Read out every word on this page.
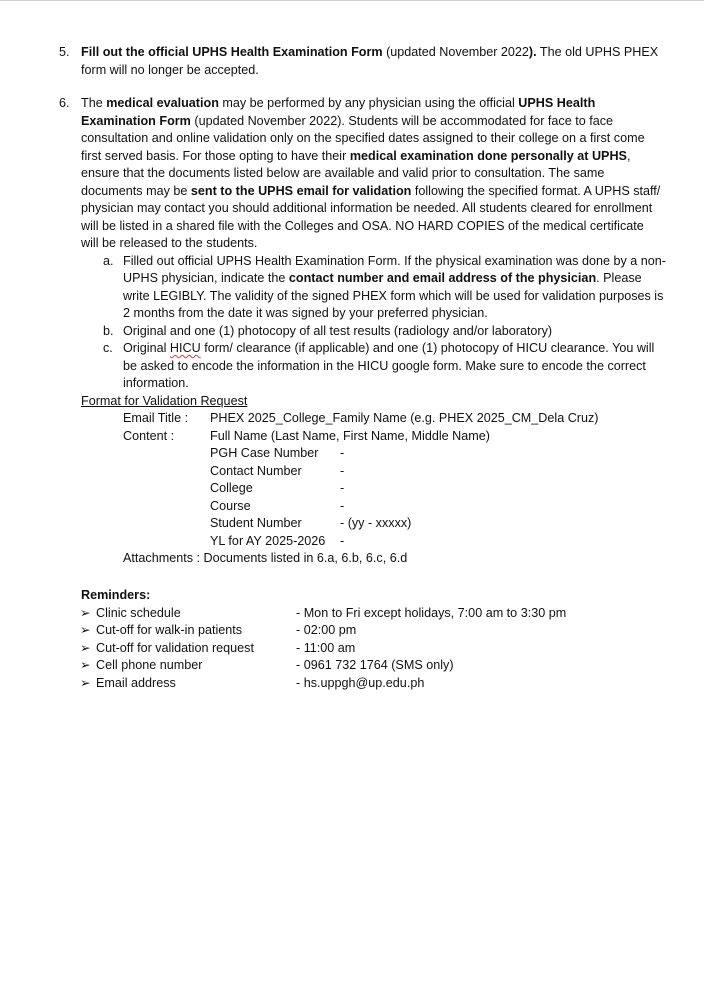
5. Fill out the official UPHS Health Examination Form (updated November 2022). The old UPHS PHEX form will no longer be accepted.
6. The medical evaluation may be performed by any physician using the official UPHS Health Examination Form (updated November 2022). Students will be accommodated for face to face consultation and online validation only on the specified dates assigned to their college on a first come first served basis. For those opting to have their medical examination done personally at UPHS, ensure that the documents listed below are available and valid prior to consultation. The same documents may be sent to the UPHS email for validation following the specified format. A UPHS staff/ physician may contact you should additional information be needed. All students cleared for enrollment will be listed in a shared file with the Colleges and OSA. NO HARD COPIES of the medical certificate will be released to the students.
a. Filled out official UPHS Health Examination Form. If the physical examination was done by a non-UPHS physician, indicate the contact number and email address of the physician. Please write LEGIBLY. The validity of the signed PHEX form which will be used for validation purposes is 2 months from the date it was signed by your preferred physician.
b. Original and one (1) photocopy of all test results (radiology and/or laboratory)
c. Original HICU form/ clearance (if applicable) and one (1) photocopy of HICU clearance. You will be asked to encode the information in the HICU google form. Make sure to encode the correct information.
Format for Validation Request
Email Title : PHEX 2025_College_Family Name (e.g. PHEX 2025_CM_Dela Cruz)
Content :	Full Name (Last Name, First Name, Middle Name)
PGH Case Number -
Contact Number	-
College	-
Course	-
Student Number	- (yy - xxxxx)
YL for AY 2025-2026 -
Attachments : Documents listed in 6.a, 6.b, 6.c, 6.d
Reminders:
➢ Clinic schedule	- Mon to Fri except holidays, 7:00 am to 3:30 pm
➢ Cut-off for walk-in patients	- 02:00 pm
➢ Cut-off for validation request	- 11:00 am
➢ Cell phone number	- 0961 732 1764 (SMS only)
➢ Email address	- hs.uppgh@up.edu.ph
